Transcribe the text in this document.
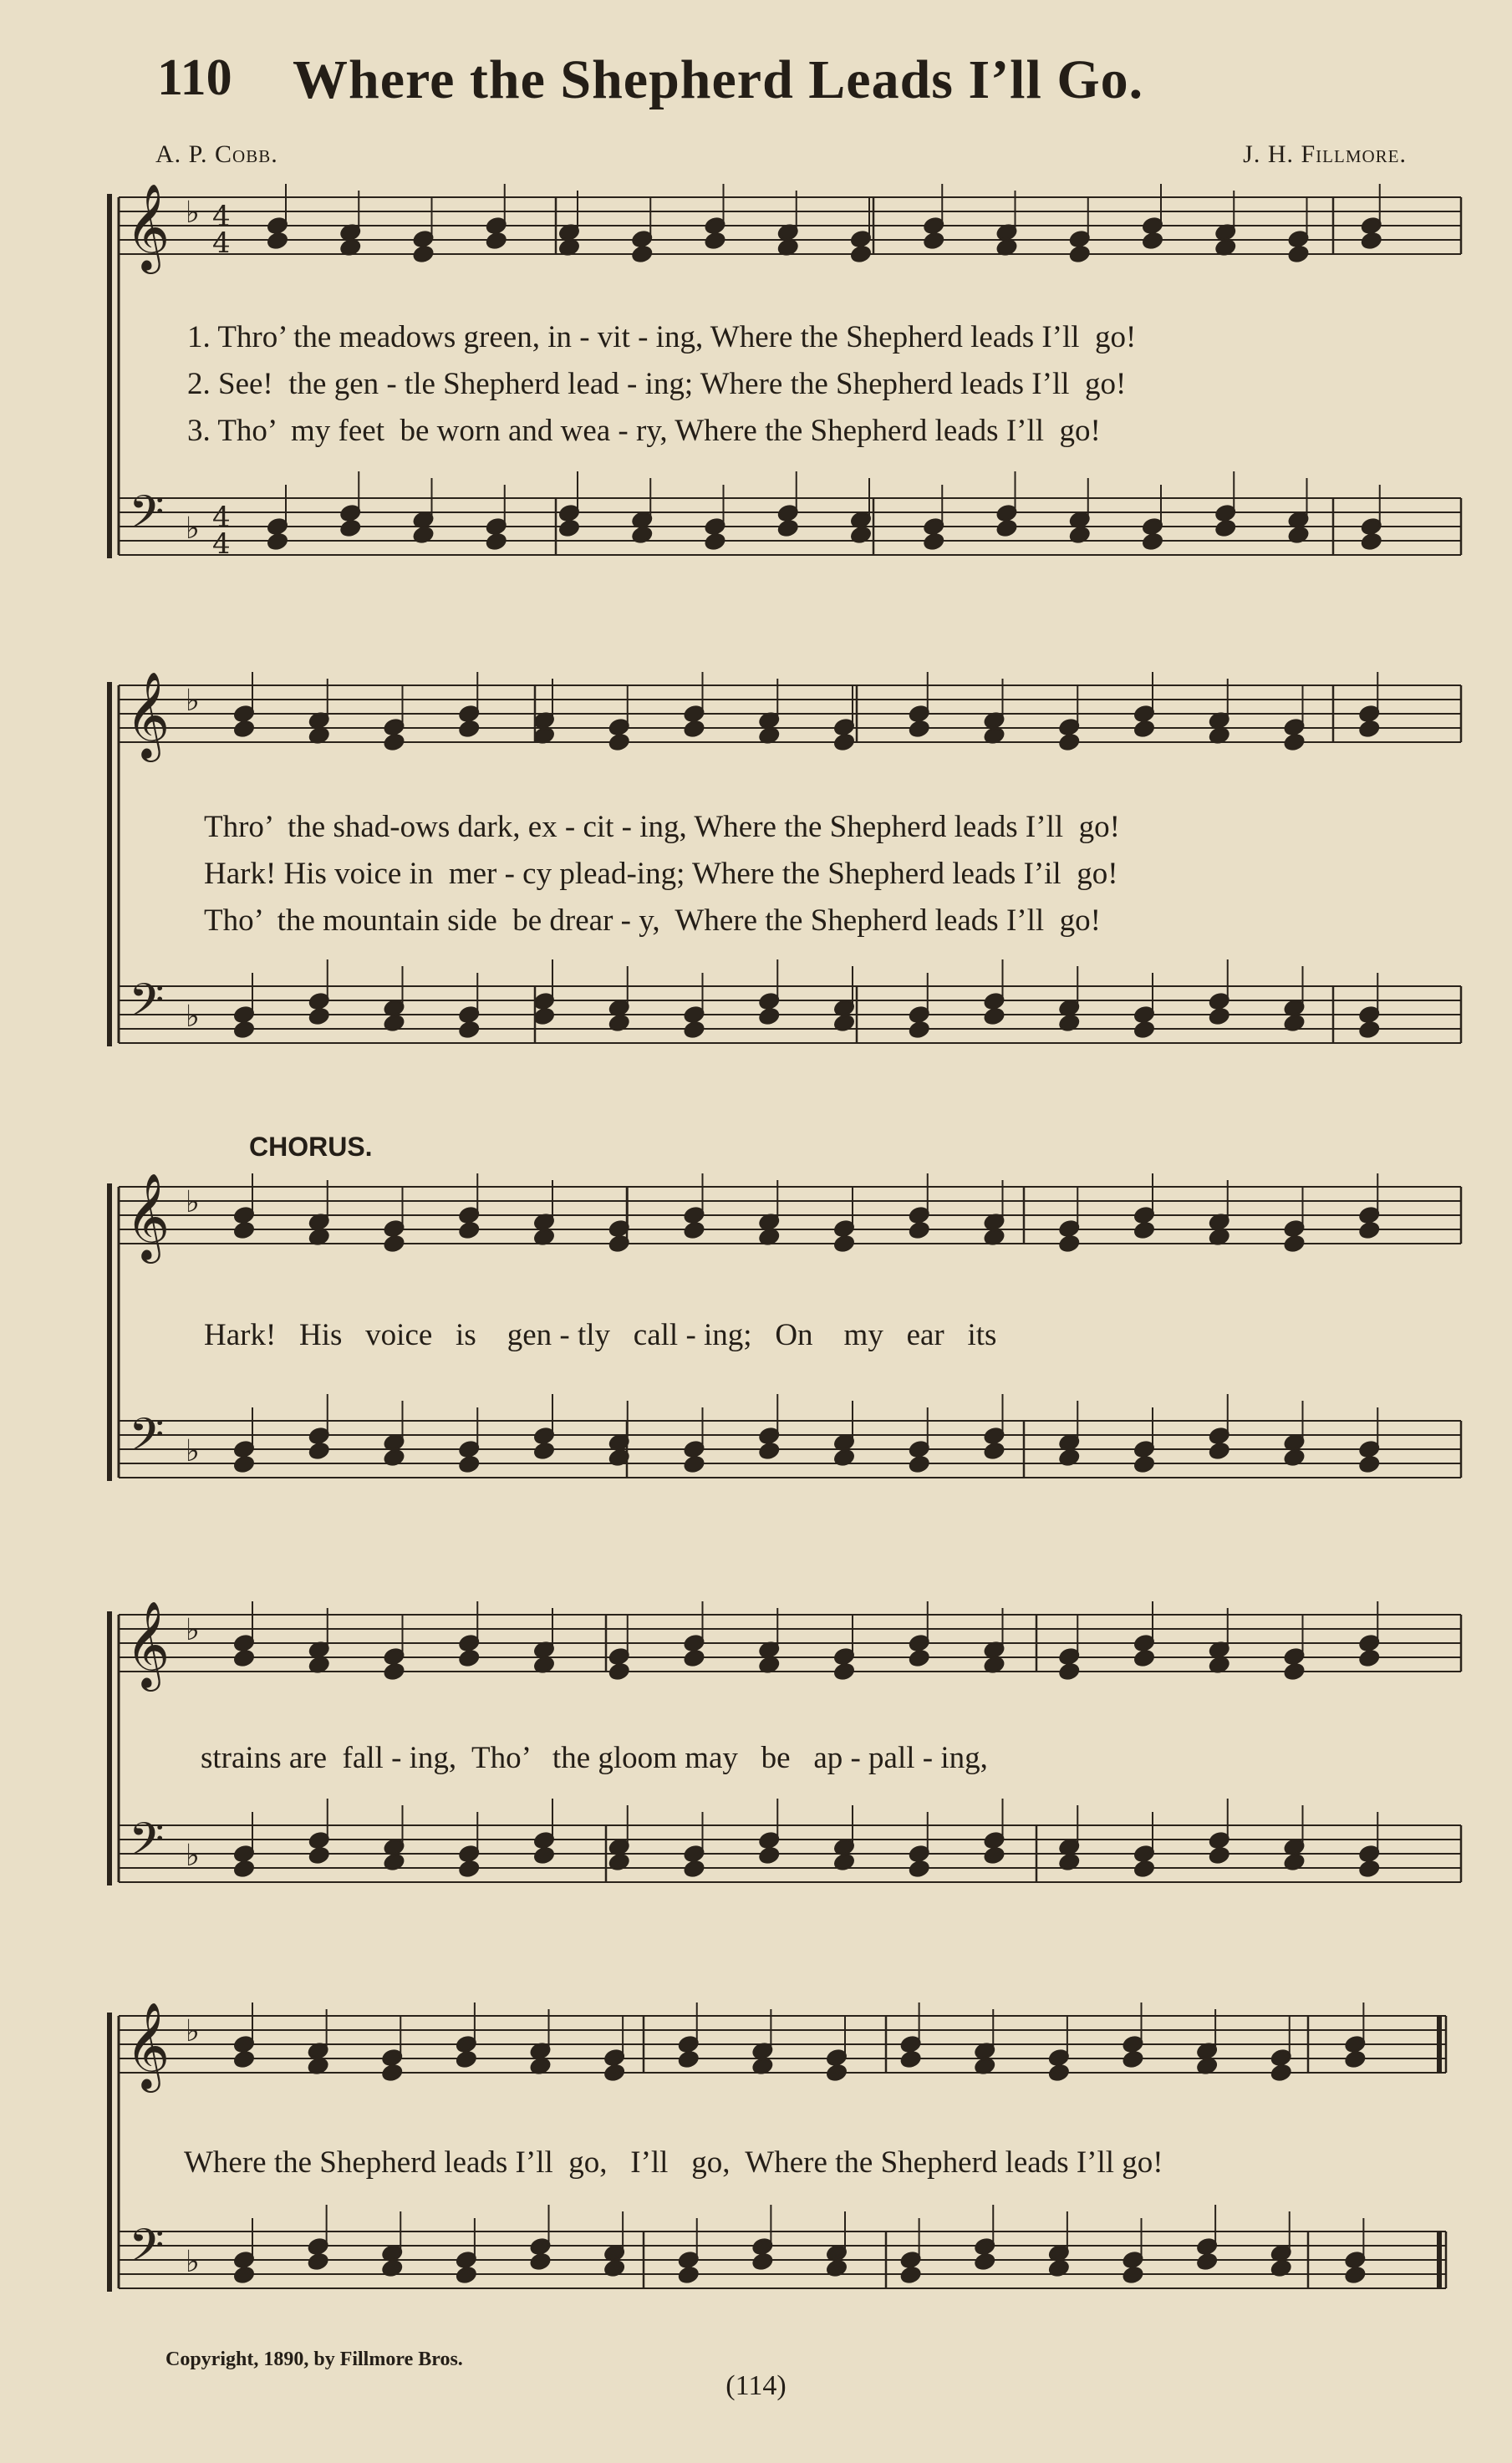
110 Where the Shepherd Leads I’ll Go.
A. P. Cobb.	J. H. Fillmore.
𝄞
𝄢
♭
♭
4
4
4
4
𝄞
𝄢
♭
♭
𝄞
𝄢
♭
♭
𝄞
𝄢
♭
♭
𝄞
𝄢
♭
♭
1. Thro’ the meadows green, in - vit - ing, Where the Shepherd leads I’ll  go!
2. See!  the gen - tle Shepherd lead - ing; Where the Shepherd leads I’ll  go!
3. Tho’  my feet  be worn and wea - ry, Where the Shepherd leads I’ll  go!
Thro’  the shad-ows dark, ex - cit - ing, Where the Shepherd leads I’ll  go!
Hark! His voice in  mer - cy plead-ing; Where the Shepherd leads I’il  go!
Tho’  the mountain side  be drear - y,  Where the Shepherd leads I’ll  go!
CHORUS.
Hark!   His   voice   is    gen - tly   call - ing;   On    my   ear   its
strains are  fall - ing,  Tho’   the gloom may   be   ap - pall - ing,
Where the Shepherd leads I’ll  go,   I’ll   go,  Where the Shepherd leads I’ll go!
Copyright, 1890, by Fillmore Bros.
(114)
